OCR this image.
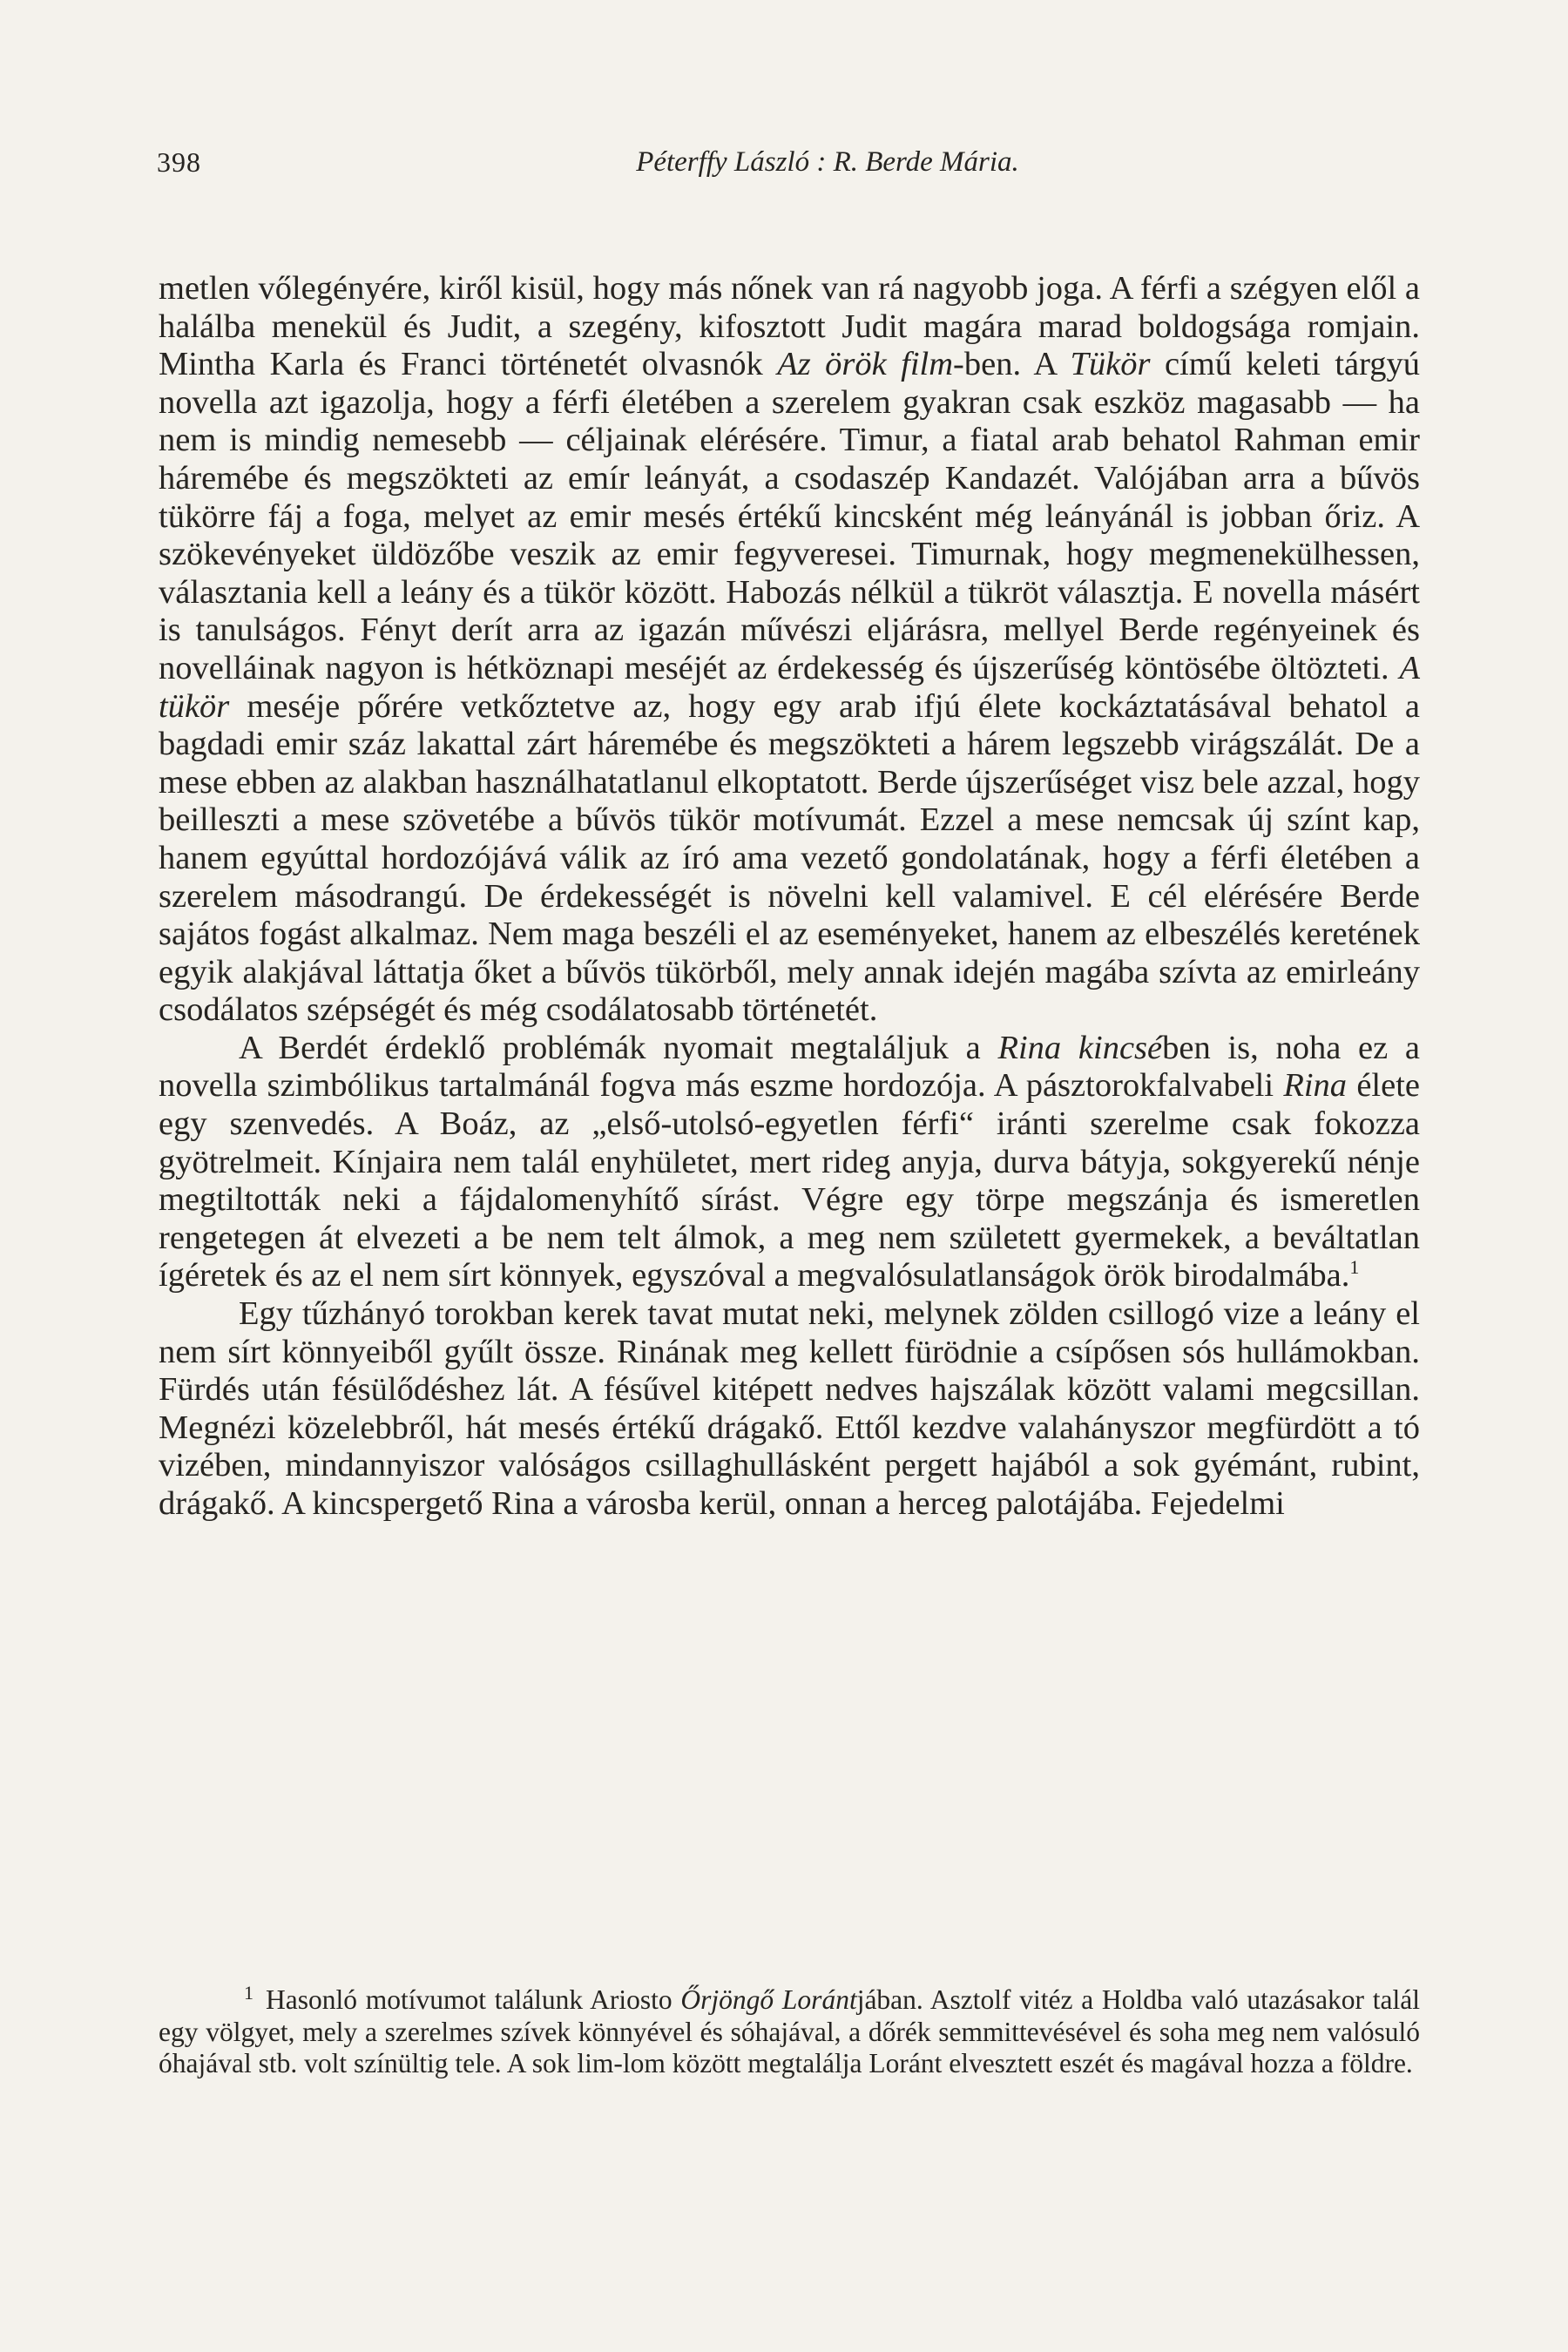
398	Péterffy László : R. Berde Mária.

metlen vőlegényére, kiről kisül, hogy más nőnek van rá nagyobb joga. A férfi a szégyen elől a halálba menekül és Judit, a szegény, kifosztott Judit magára marad boldogsága romjain. Mintha Karla és Franci történetét olvasnók Az örök film-ben. A Tükör című keleti tárgyú novella azt igazolja, hogy a férfi életében a szerelem gyakran csak eszköz magasabb — ha nem is mindig nemesebb — céljainak elérésére. Timur, a fiatal arab behatol Rahman emir háremébe és megszökteti az emír leányát, a csodaszép Kandazét. Valójában arra a bűvös tükörre fáj a foga, melyet az emir mesés értékű kincsként még leányánál is jobban őriz. A szökevényeket üldözőbe veszik az emir fegyveresei. Timurnak, hogy megmenekülhessen, választania kell a leány és a tükör között. Habozás nélkül a tükröt választja. E novella másért is tanulságos. Fényt derít arra az igazán művészi eljárásra, mellyel Berde regényeinek és novelláinak nagyon is hétköznapi meséjét az érdekesség és újszerűség köntösébe öltözteti. A tükör meséje pőrére vetkőztetve az, hogy egy arab ifjú élete kockáztatásával behatol a bagdadi emir száz lakattal zárt háremébe és megszökteti a hárem legszebb virágszálát. De a mese ebben az alakban használhatatlanul elkoptatott. Berde újszerűséget visz bele azzal, hogy beilleszti a mese szövetébe a bűvös tükör motívumát. Ezzel a mese nemcsak új színt kap, hanem egyúttal hordozójává válik az író ama vezető gondolatának, hogy a férfi életében a szerelem másodrangú. De érdekességét is növelni kell valamivel. E cél elérésére Berde sajátos fogást alkalmaz. Nem maga beszéli el az eseményeket, hanem az elbeszélés keretének egyik alakjával láttatja őket a bűvös tükörből, mely annak idején magába szívta az emirleány csodálatos szépségét és még csodálatosabb történetét.

A Berdét érdeklő problémák nyomait megtaláljuk a Rina kincsében is, noha ez a novella szimbólikus tartalmánál fogva más eszme hordozója. A pásztorokfalvabeli Rina élete egy szenvedés. A Boáz, az „első-utolsó-egyetlen férfi“ iránti szerelme csak fokozza gyötrelmeit. Kínjaira nem talál enyhületet, mert rideg anyja, durva bátyja, sokgyerekű nénje megtiltották neki a fájdalomenyhítő sírást. Végre egy törpe megszánja és ismeretlen rengetegen át elvezeti a be nem telt álmok, a meg nem született gyermekek, a beváltatlan ígéretek és az el nem sírt könnyek, egyszóval a megvalósulatlanságok örök birodalmába.$^1$

Egy tűzhányó torokban kerek tavat mutat neki, melynek zölden csillogó vize a leány el nem sírt könnyeiből gyűlt össze. Rinának meg kellett fürödnie a csípősen sós hullámokban. Fürdés után fésülődéshez lát. A fésűvel kitépett nedves hajszálak között valami megcsillan. Megnézi közelebbről, hát mesés értékű drágakő. Ettől kezdve valahányszor megfürdött a tó vizében, mindannyiszor valóságos csillaghullásként pergett hajából a sok gyémánt, rubint, drágakő. A kincspergető Rina a városba kerül, onnan a herceg palotájába. Fejedelmi

$^1$ Hasonló motívumot találunk Ariosto Őrjöngő Lorántjában. Asztolf vitéz a Holdba való utazásakor talál egy völgyet, mely a szerelmes szívek könnyével és sóhajával, a dőrék semmittevésével és soha meg nem valósuló óhajával stb. volt színültig tele. A sok lim-lom között megtalálja Loránt elvesztett eszét és magával hozza a földre.
